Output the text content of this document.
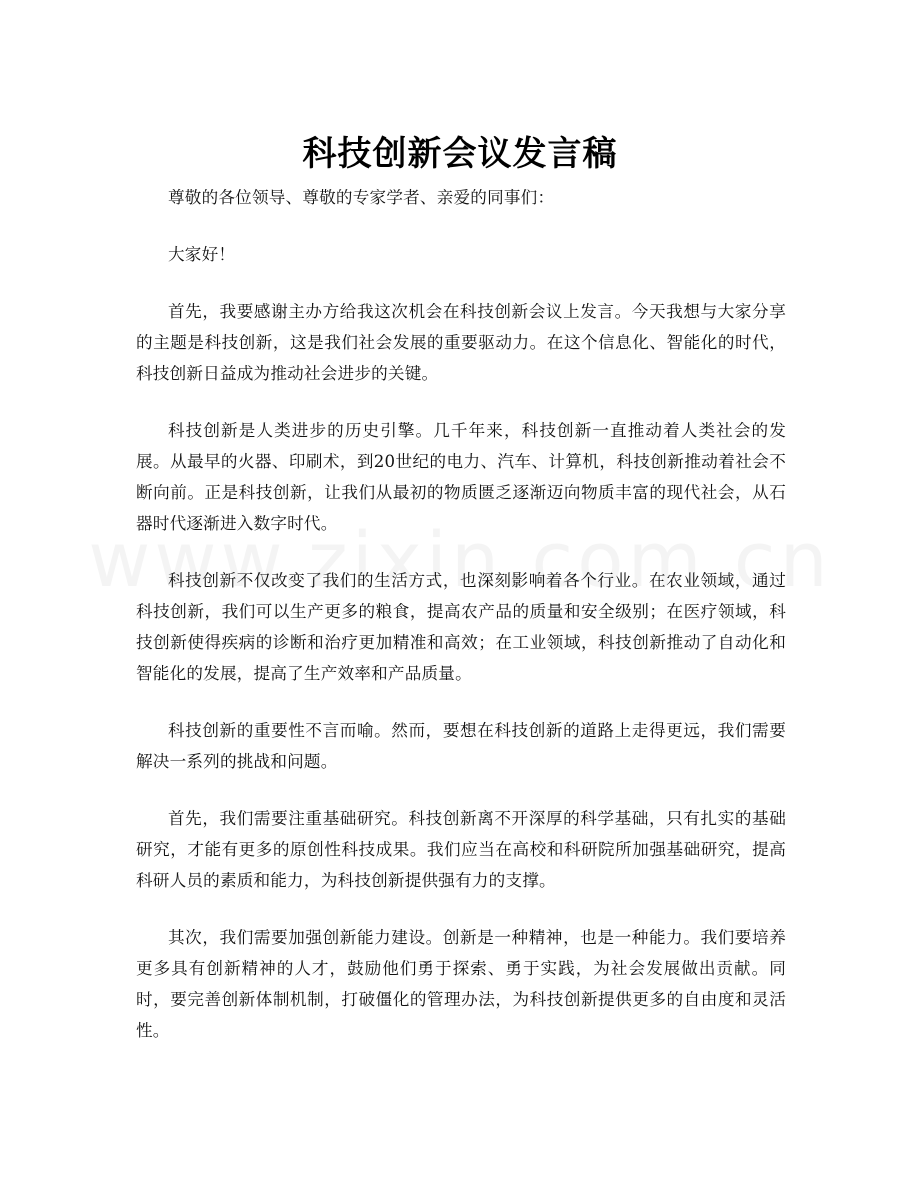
科技创新会议发言稿

尊敬的各位领导、尊敬的专家学者、亲爱的同事们：

大家好！

首先，我要感谢主办方给我这次机会在科技创新会议上发言。今天我想与大家分享的主题是科技创新，这是我们社会发展的重要驱动力。在这个信息化、智能化的时代，科技创新日益成为推动社会进步的关键。

科技创新是人类进步的历史引擎。几千年来，科技创新一直推动着人类社会的发展。从最早的火器、印刷术，到20世纪的电力、汽车、计算机，科技创新推动着社会不断向前。正是科技创新，让我们从最初的物质匮乏逐渐迈向物质丰富的现代社会，从石器时代逐渐进入数字时代。

科技创新不仅改变了我们的生活方式，也深刻影响着各个行业。在农业领域，通过科技创新，我们可以生产更多的粮食，提高农产品的质量和安全级别；在医疗领域，科技创新使得疾病的诊断和治疗更加精准和高效；在工业领域，科技创新推动了自动化和智能化的发展，提高了生产效率和产品质量。

科技创新的重要性不言而喻。然而，要想在科技创新的道路上走得更远，我们需要解决一系列的挑战和问题。

首先，我们需要注重基础研究。科技创新离不开深厚的科学基础，只有扎实的基础研究，才能有更多的原创性科技成果。我们应当在高校和科研院所加强基础研究，提高科研人员的素质和能力，为科技创新提供强有力的支撑。

其次，我们需要加强创新能力建设。创新是一种精神，也是一种能力。我们要培养更多具有创新精神的人才，鼓励他们勇于探索、勇于实践，为社会发展做出贡献。同时，要完善创新体制机制，打破僵化的管理办法，为科技创新提供更多的自由度和灵活性。
